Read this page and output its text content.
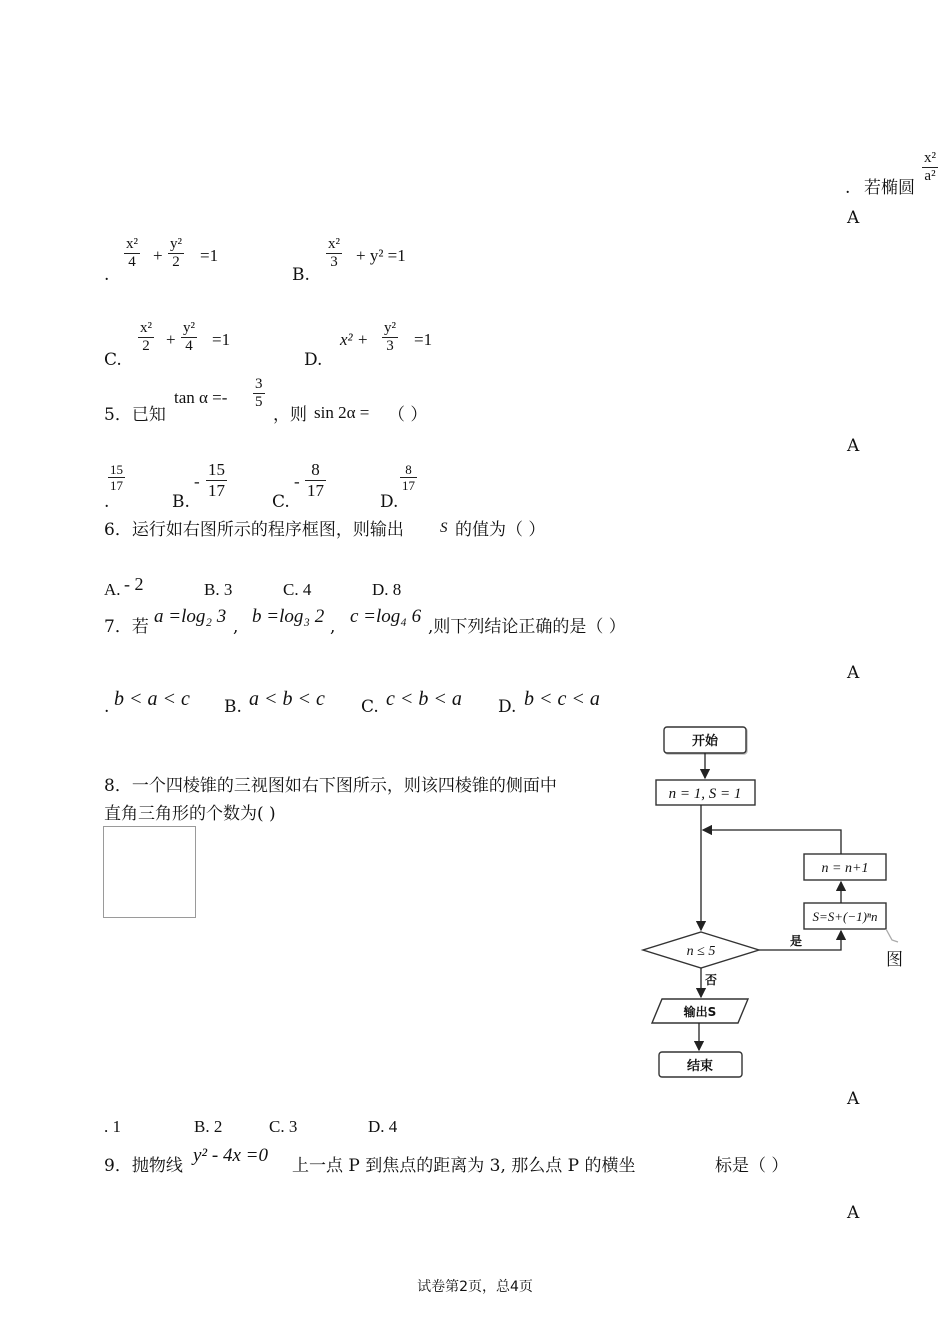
. 若椭圆
$\frac{\text{x²}}{\text{a²}}$
A
.
$\frac{\text{x²}}{4} + \frac{\text{y²}}{2} =1$
B.
$\frac{\text{x²}}{3} + y^2 =1$
C.
$\frac{\text{x²}}{2} + \frac{\text{y²}}{4} =1$
D.
$x^2 + \frac{\text{y²}}{3} =1$
5．已知
$\tan \alpha =- \frac{3}{5}$
，则 sin 2α = （ ）
A
.
$\frac{15}{17}$
B.
- $\frac{15}{17}$
C.
- $\frac{8}{17}$
D.
$\frac{8}{17}$
6．运行如右图所示的程序框图，则输出 S 的值为（ ）
A. - 2	B. 3	C. 4	D. 8
7．若 a =log₂ 3 , b =log₃ 2 , c =log₄ 6 ,则下列结论正确的是（ ）
A
. b < a < c B. a < b < c C. c < b < a D. b < c < a
8．一个四棱锥的三视图如右下图所示，则该四棱锥的侧面中
直角三角形的个数为( )
图
A
. 1	B. 2	C. 3	D. 4
开始
n = 1, S = 1
n = n+1
S=S+(−1)ⁿn
n ≤ 5
是
否
输出S
结束
9．抛物线 y² - 4x =0 上一点 P 到焦点的距离为 3, 那么点 P 的横坐	标是（ ）
A
试卷第2页，总4页
